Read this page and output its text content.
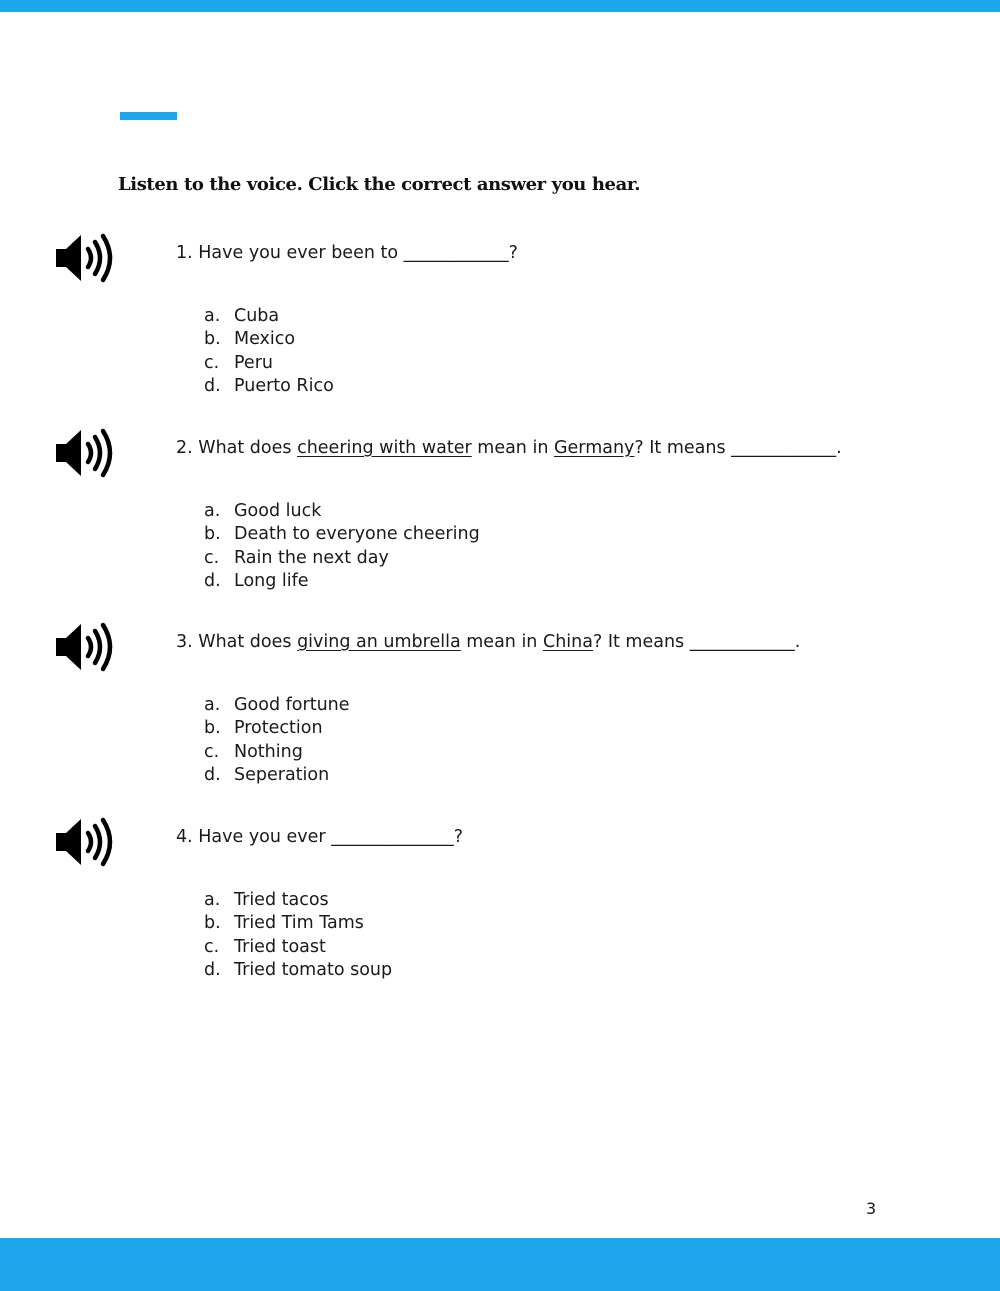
Listen to the voice. Click the correct answer you hear.

1. Have you ever been to ____________?

a. Cuba
b. Mexico
c. Peru
d. Puerto Rico

2. What does cheering with water mean in Germany? It means ____________.

a. Good luck
b. Death to everyone cheering
c. Rain the next day
d. Long life

3. What does giving an umbrella mean in China? It means ____________.

a. Good fortune
b. Protection
c. Nothing
d. Seperation

4. Have you ever ______________?

a. Tried tacos
b. Tried Tim Tams
c. Tried toast
d. Tried tomato soup
3
